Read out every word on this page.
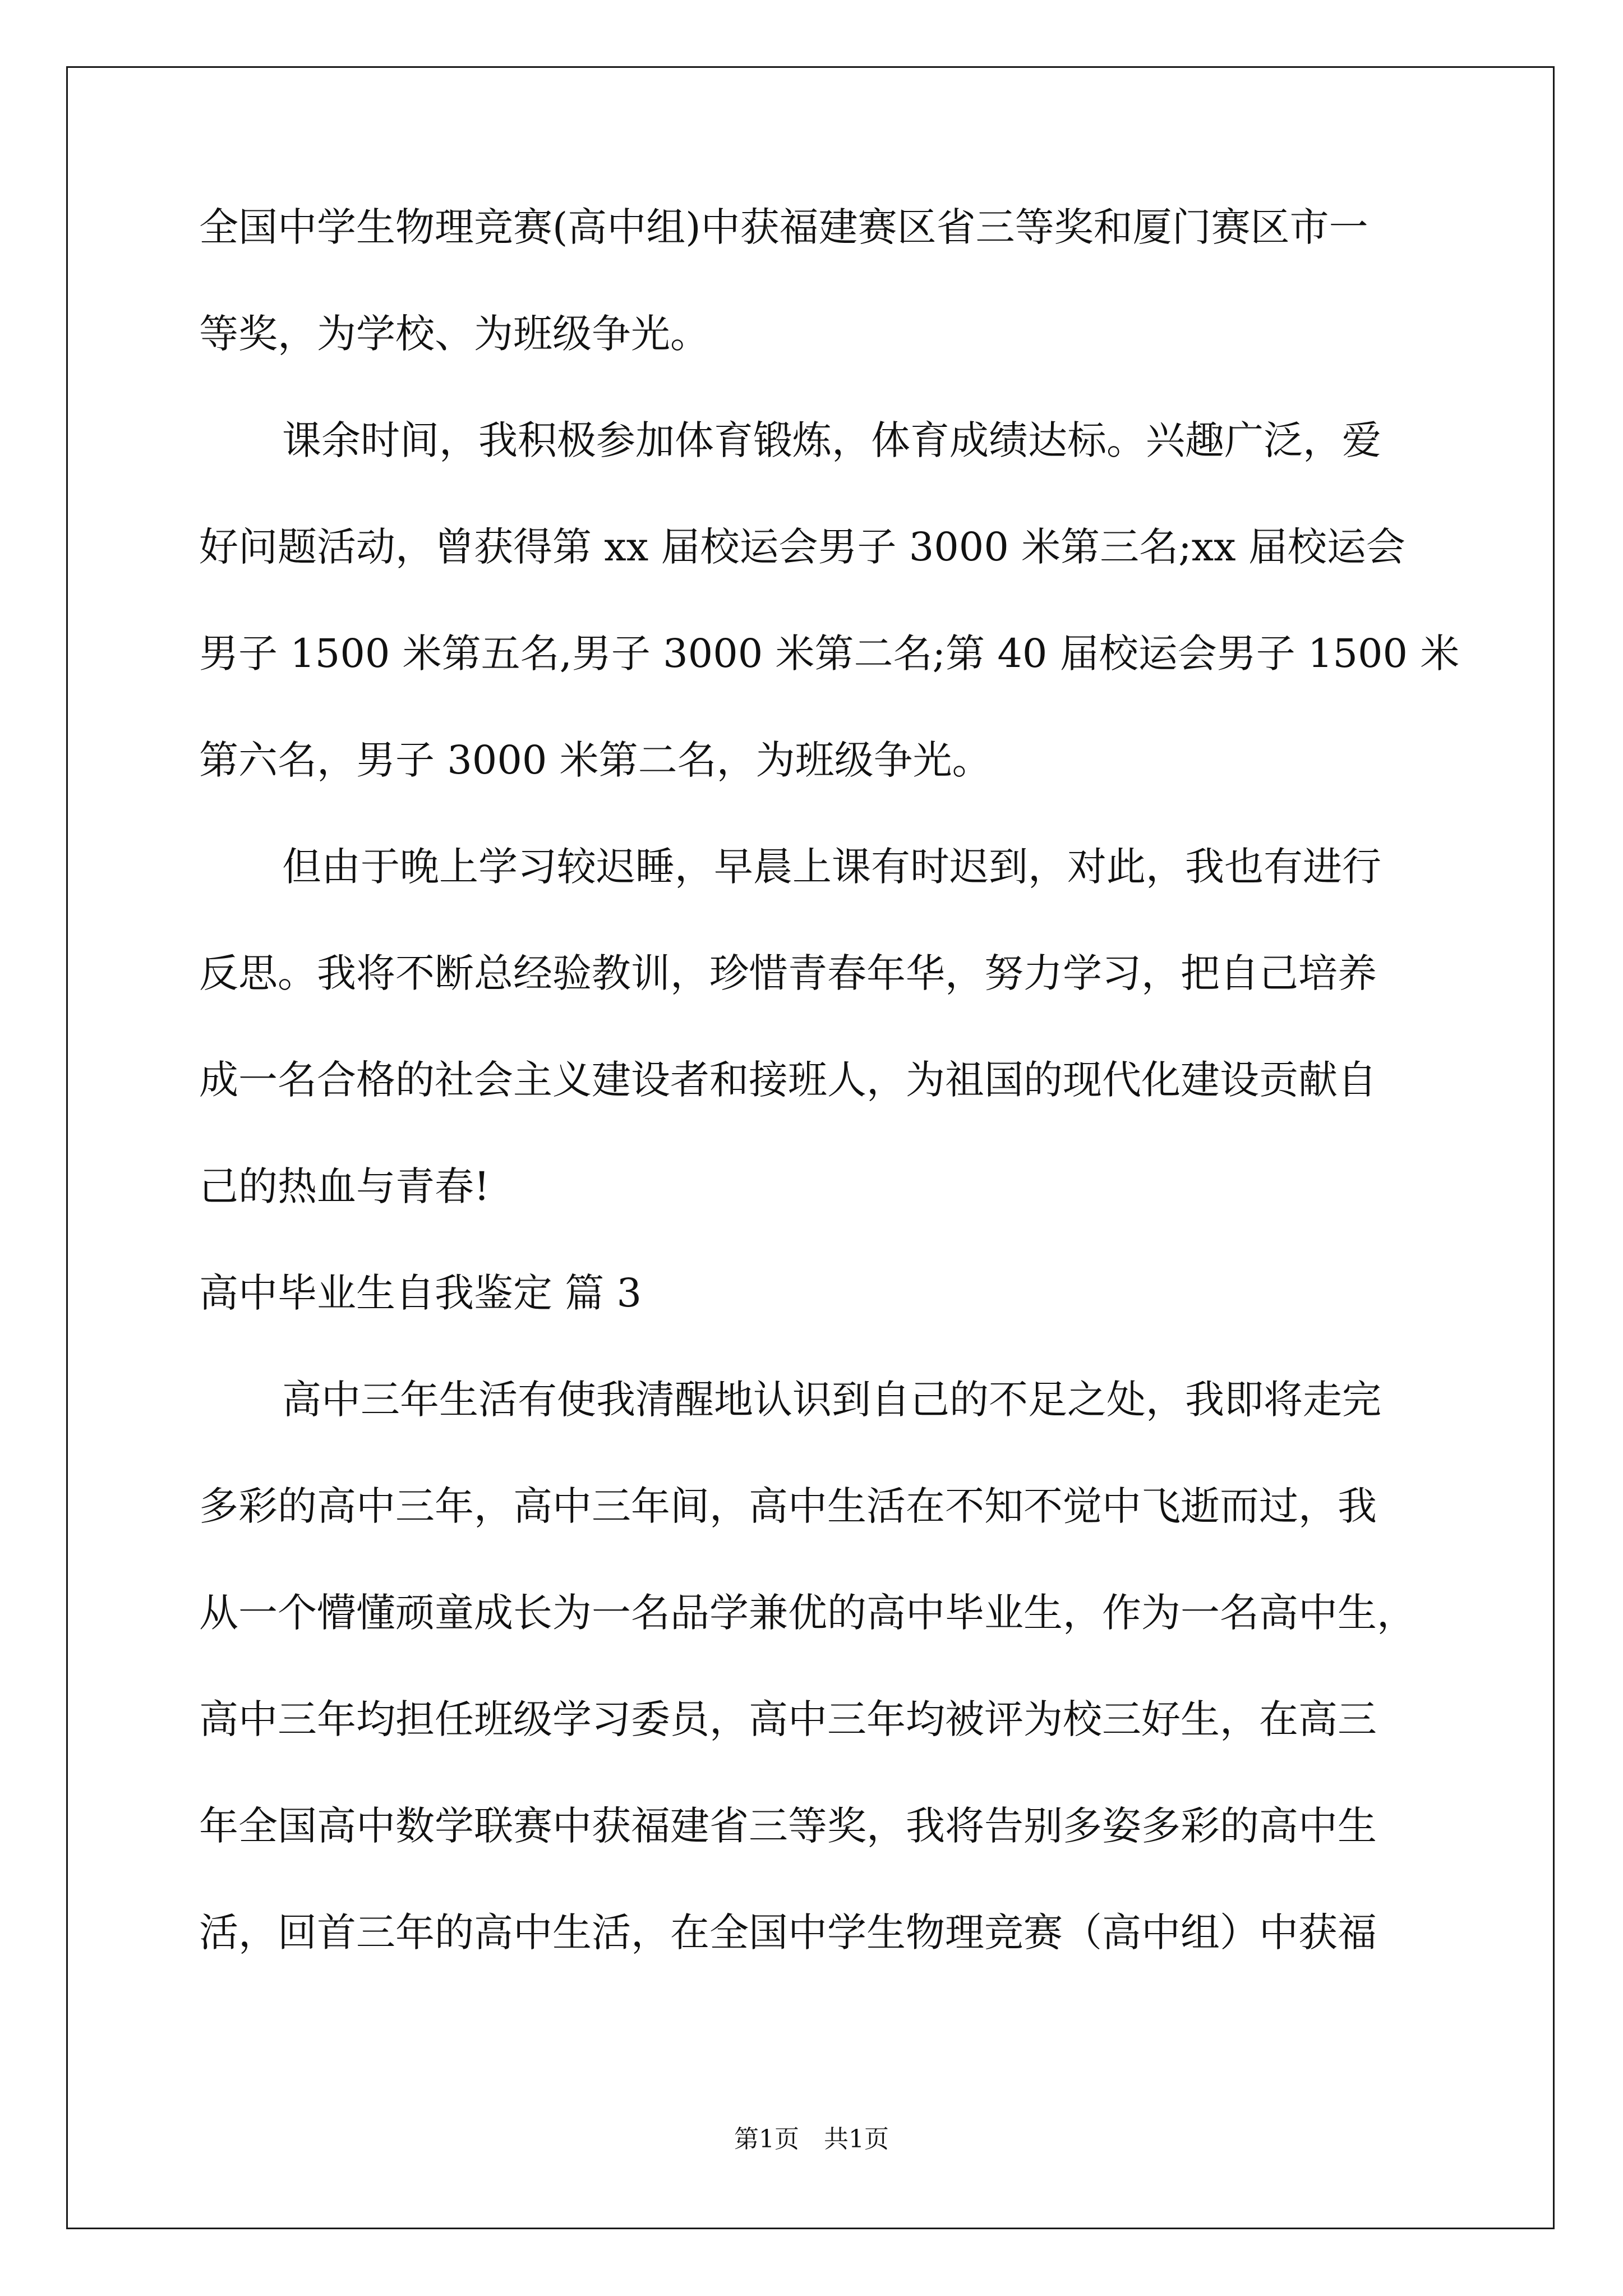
全国中学生物理竞赛(高中组)中获福建赛区省三等奖和厦门赛区市一
等奖，为学校、为班级争光。
课余时间，我积极参加体育锻炼，体育成绩达标。兴趣广泛，爱
好问题活动，曾获得第 xx 届校运会男子 3000 米第三名;xx 届校运会
男子 1500 米第五名,男子 3000 米第二名;第 40 届校运会男子 1500 米
第六名，男子 3000 米第二名，为班级争光。
但由于晚上学习较迟睡，早晨上课有时迟到，对此，我也有进行
反思。我将不断总经验教训，珍惜青春年华，努力学习，把自己培养
成一名合格的社会主义建设者和接班人，为祖国的现代化建设贡献自
己的热血与青春!
高中毕业生自我鉴定 篇 3
高中三年生活有使我清醒地认识到自己的不足之处，我即将走完
多彩的高中三年，高中三年间，高中生活在不知不觉中飞逝而过，我
从一个懵懂顽童成长为一名品学兼优的高中毕业生，作为一名高中生，
高中三年均担任班级学习委员，高中三年均被评为校三好生，在高三
年全国高中数学联赛中获福建省三等奖，我将告别多姿多彩的高中生
活，回首三年的高中生活，在全国中学生物理竞赛（高中组）中获福
第1页　共1页
